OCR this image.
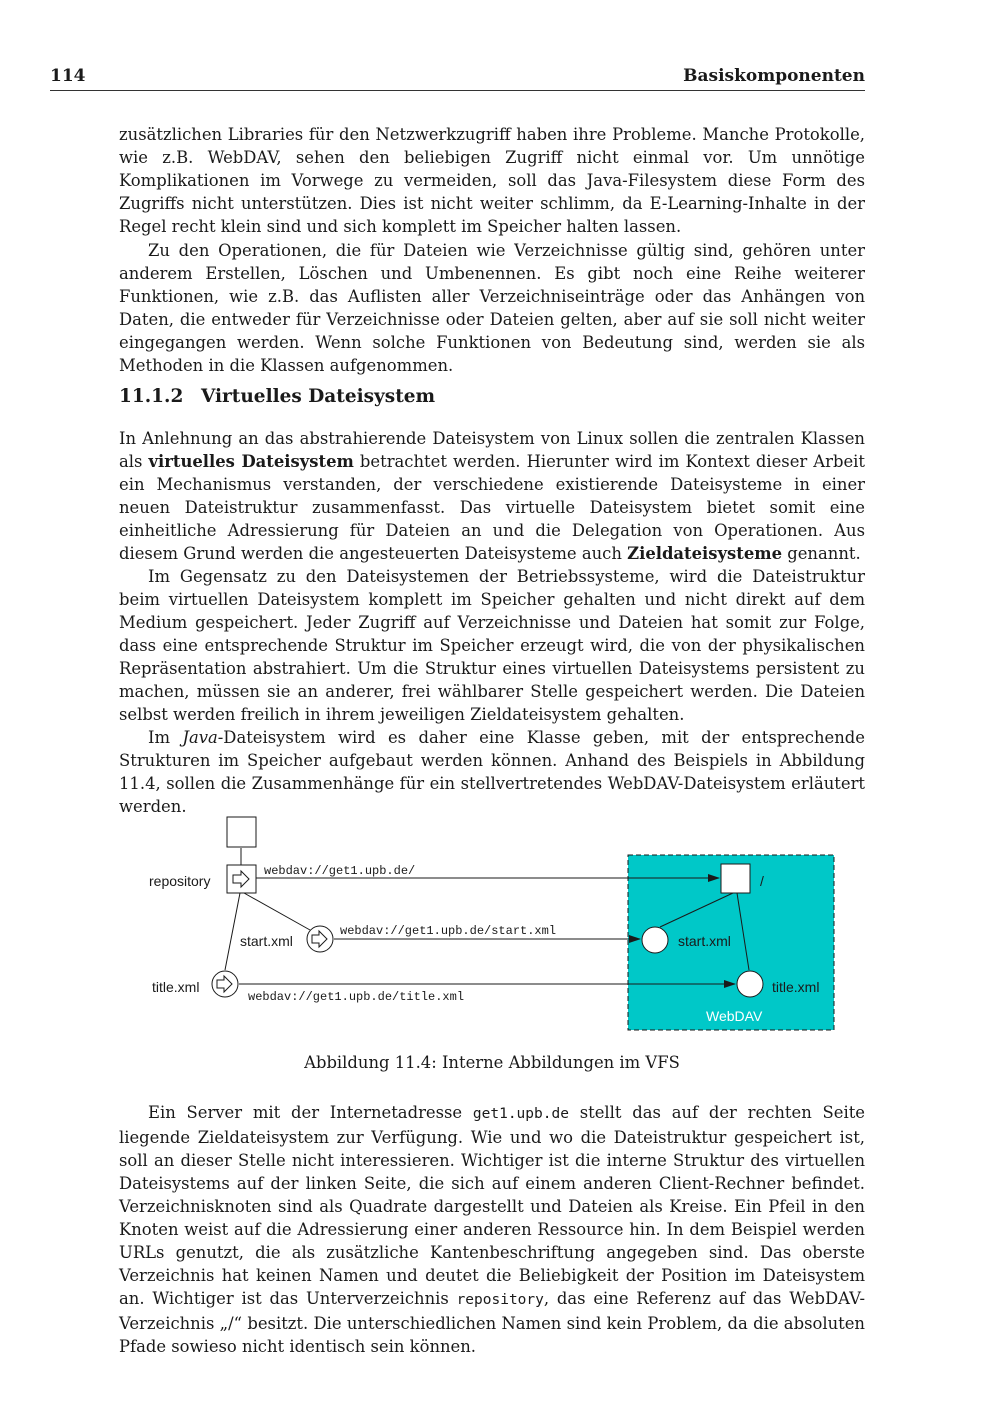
114	Basiskomponenten

zusätzlichen Libraries für den Netzwerkzugriff haben ihre Probleme. Manche Protokolle, wie z.B. WebDAV, sehen den beliebigen Zugriff nicht einmal vor. Um unnötige Komplikationen im Vorwege zu vermeiden, soll das Java-Filesystem diese Form des Zugriffs nicht unterstützen. Dies ist nicht weiter schlimm, da E-Learning-Inhalte in der Regel recht klein sind und sich komplett im Speicher halten lassen.

Zu den Operationen, die für Dateien wie Verzeichnisse gültig sind, gehören unter anderem Erstellen, Löschen und Umbenennen. Es gibt noch eine Reihe weiterer Funktionen, wie z.B. das Auflisten aller Verzeichniseinträge oder das Anhängen von Daten, die entweder für Verzeichnisse oder Dateien gelten, aber auf sie soll nicht weiter eingegangen werden. Wenn solche Funktionen von Bedeutung sind, werden sie als Methoden in die Klassen aufgenommen.

11.1.2 Virtuelles Dateisystem

In Anlehnung an das abstrahierende Dateisystem von Linux sollen die zentralen Klassen als virtuelles Dateisystem betrachtet werden. Hierunter wird im Kontext dieser Arbeit ein Mechanismus verstanden, der verschiedene existierende Dateisysteme in einer neuen Dateistruktur zusammenfasst. Das virtuelle Dateisystem bietet somit eine einheitliche Adressierung für Dateien an und die Delegation von Operationen. Aus diesem Grund werden die angesteuerten Dateisysteme auch Zieldateisysteme genannt.

Im Gegensatz zu den Dateisystemen der Betriebssysteme, wird die Dateistruktur beim virtuellen Dateisystem komplett im Speicher gehalten und nicht direkt auf dem Medium gespeichert. Jeder Zugriff auf Verzeichnisse und Dateien hat somit zur Folge, dass eine entsprechende Struktur im Speicher erzeugt wird, die von der physikalischen Repräsentation abstrahiert. Um die Struktur eines virtuellen Dateisystems persistent zu machen, müssen sie an anderer, frei wählbarer Stelle gespeichert werden. Die Dateien selbst werden freilich in ihrem jeweiligen Zieldateisystem gehalten.

Im Java-Dateisystem wird es daher eine Klasse geben, mit der entsprechende Strukturen im Speicher aufgebaut werden können. Anhand des Beispiels in Abbildung 11.4, sollen die Zusammenhänge für ein stellvertretendes WebDAV-Dateisystem erläutert werden.

repository
start.xml
title.xml
/
start.xml
title.xml
WebDAV
webdav://get1.upb.de/
webdav://get1.upb.de/start.xml
webdav://get1.upb.de/title.xml

Abbildung 11.4: Interne Abbildungen im VFS

Ein Server mit der Internetadresse get1.upb.de stellt das auf der rechten Seite liegende Zieldateisystem zur Verfügung. Wie und wo die Dateistruktur gespeichert ist, soll an dieser Stelle nicht interessieren. Wichtiger ist die interne Struktur des virtuellen Dateisystems auf der linken Seite, die sich auf einem anderen Client-Rechner befindet. Verzeichnisknoten sind als Quadrate dargestellt und Dateien als Kreise. Ein Pfeil in den Knoten weist auf die Adressierung einer anderen Ressource hin. In dem Beispiel werden URLs genutzt, die als zusätzliche Kantenbeschriftung angegeben sind. Das oberste Verzeichnis hat keinen Namen und deutet die Beliebigkeit der Position im Dateisystem an. Wichtiger ist das Unterverzeichnis repository, das eine Referenz auf das WebDAV-Verzeichnis „/“ besitzt. Die unterschiedlichen Namen sind kein Problem, da die absoluten Pfade sowieso nicht identisch sein können.
